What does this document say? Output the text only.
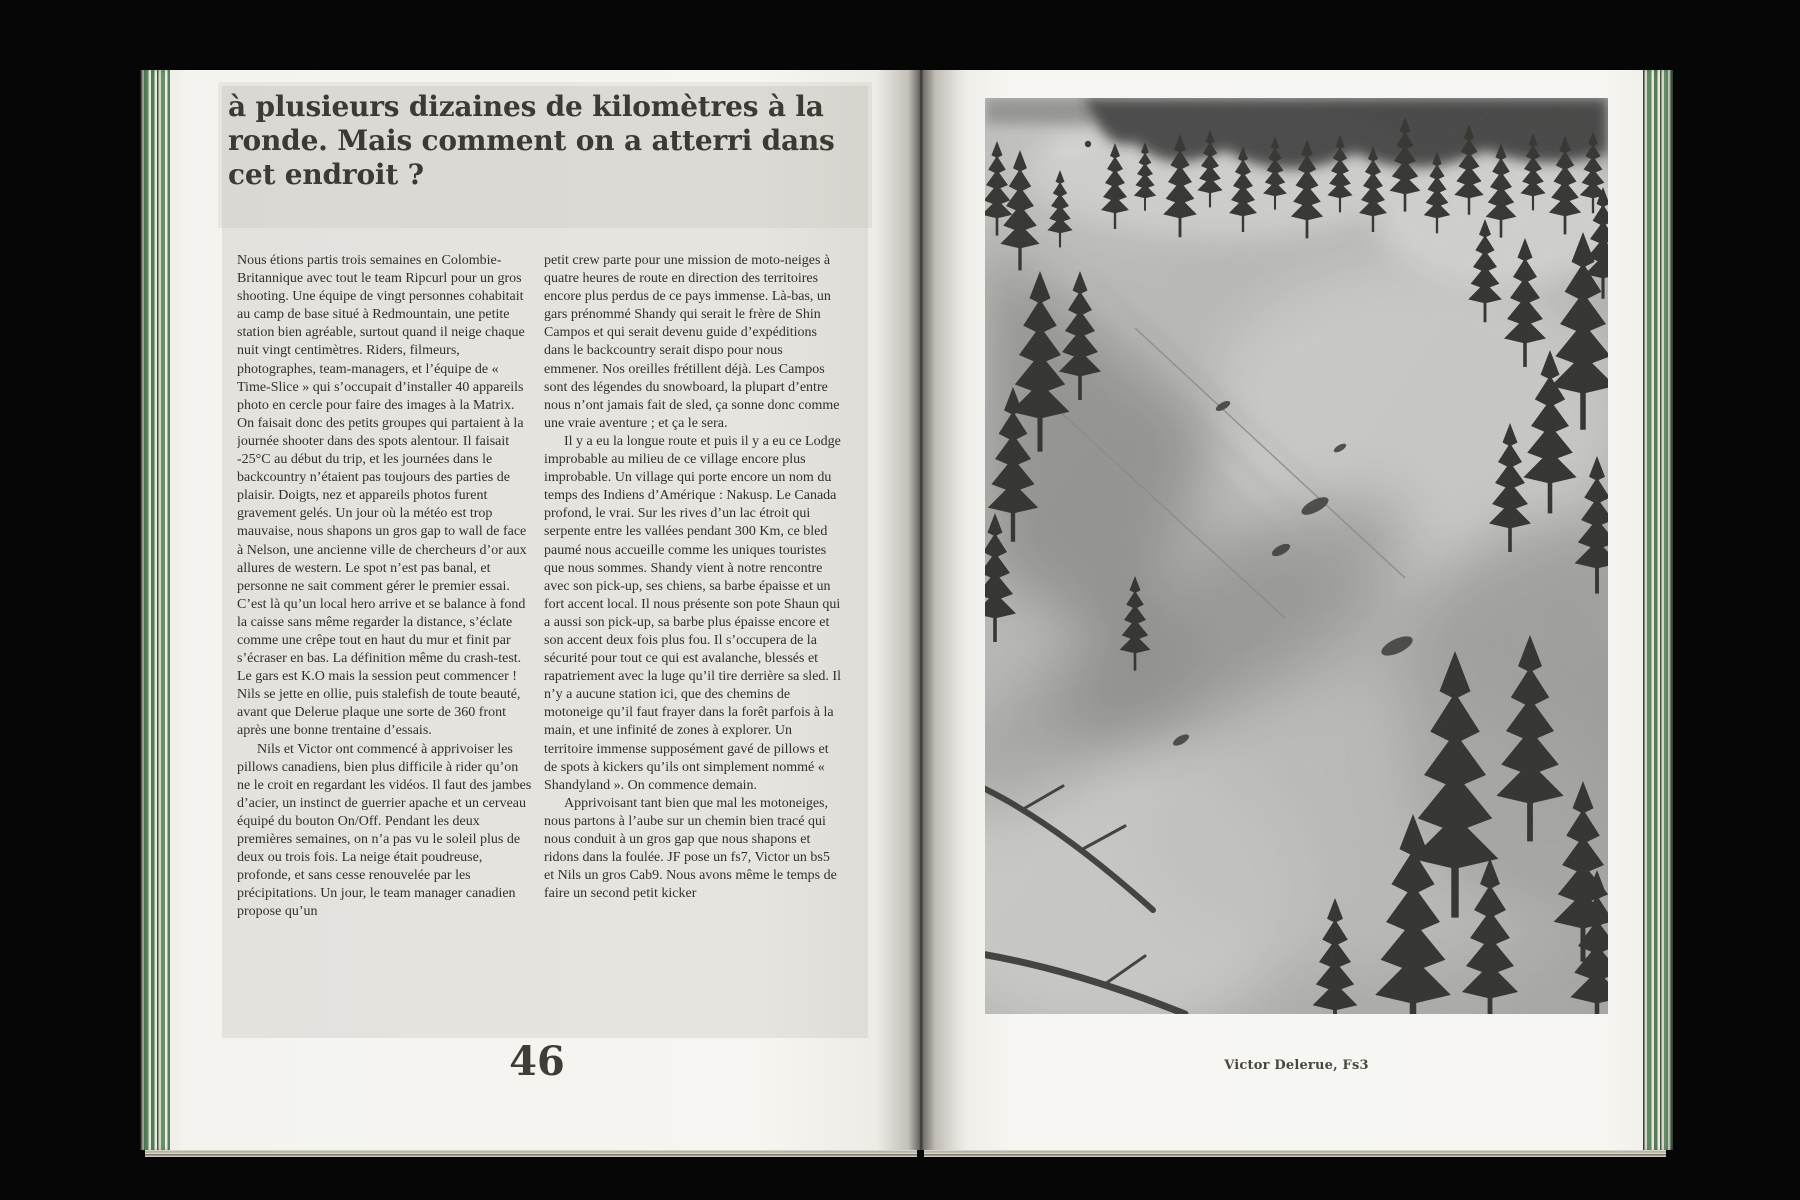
à plusieurs dizaines de kilomètres à la
ronde. Mais comment on a atterri dans
cet endroit ?

Nous étions partis trois semaines en Colombie-Britannique avec tout le team Ripcurl pour un gros shooting. Une équipe de vingt personnes cohabitait au camp de base situé à Redmountain, une petite station bien agréable, surtout quand il neige chaque nuit vingt centimètres. Riders, filmeurs, photographes, team-managers, et l’équipe de « Time-Slice » qui s’occupait d’installer 40 appareils photo en cercle pour faire des images à la Matrix. On faisait donc des petits groupes qui partaient à la journée shooter dans des spots alentour. Il faisait -25°C au début du trip, et les journées dans le backcountry n’étaient pas toujours des parties de plaisir. Doigts, nez et appareils photos furent gravement gelés. Un jour où la météo est trop mauvaise, nous shapons un gros gap to wall de face à Nelson, une ancienne ville de chercheurs d’or aux allures de western. Le spot n’est pas banal, et personne ne sait comment gérer le premier essai. C’est là qu’un local hero arrive et se balance à fond la caisse sans même regarder la distance, s’éclate comme une crêpe tout en haut du mur et finit par s’écraser en bas. La définition même du crash-test. Le gars est K.O mais la session peut commencer ! Nils se jette en ollie, puis stalefish de toute beauté, avant que Delerue plaque une sorte de 360 front après une bonne trentaine d’essais.

Nils et Victor ont commencé à apprivoiser les pillows canadiens, bien plus difficile à rider qu’on ne le croit en regardant les vidéos. Il faut des jambes d’acier, un instinct de guerrier apache et un cerveau équipé du bouton On/Off. Pendant les deux premières semaines, on n’a pas vu le soleil plus de deux ou trois fois. La neige était poudreuse, profonde, et sans cesse renouvelée par les précipitations. Un jour, le team manager canadien propose qu’un

petit crew parte pour une mission de moto-neiges à quatre heures de route en direction des territoires encore plus perdus de ce pays immense. Là-bas, un gars prénommé Shandy qui serait le frère de Shin Campos et qui serait devenu guide d’expéditions dans le backcountry serait dispo pour nous emmener. Nos oreilles frétillent déjà. Les Campos sont des légendes du snowboard, la plupart d’entre nous n’ont jamais fait de sled, ça sonne donc comme une vraie aventure ; et ça le sera.

Il y a eu la longue route et puis il y a eu ce Lodge improbable au milieu de ce village encore plus improbable. Un village qui porte encore un nom du temps des Indiens d’Amérique : Nakusp. Le Canada profond, le vrai. Sur les rives d’un lac étroit qui serpente entre les vallées pendant 300 Km, ce bled paumé nous accueille comme les uniques touristes que nous sommes. Shandy vient à notre rencontre avec son pick-up, ses chiens, sa barbe épaisse et un fort accent local. Il nous présente son pote Shaun qui a aussi son pick-up, sa barbe plus épaisse encore et son accent deux fois plus fou. Il s’occupera de la sécurité pour tout ce qui est avalanche, blessés et rapatriement avec la luge qu’il tire derrière sa sled. Il n’y a aucune station ici, que des chemins de motoneige qu’il faut frayer dans la forêt parfois à la main, et une infinité de zones à explorer. Un territoire immense supposément gavé de pillows et de spots à kickers qu’ils ont simplement nommé « Shandyland ». On commence demain.

Apprivoisant tant bien que mal les motoneiges, nous partons à l’aube sur un chemin bien tracé qui nous conduit à un gros gap que nous shapons et ridons dans la foulée. JF pose un fs7, Victor un bs5 et Nils un gros Cab9. Nous avons même le temps de faire un second petit kicker

46	Victor Delerue, Fs3
